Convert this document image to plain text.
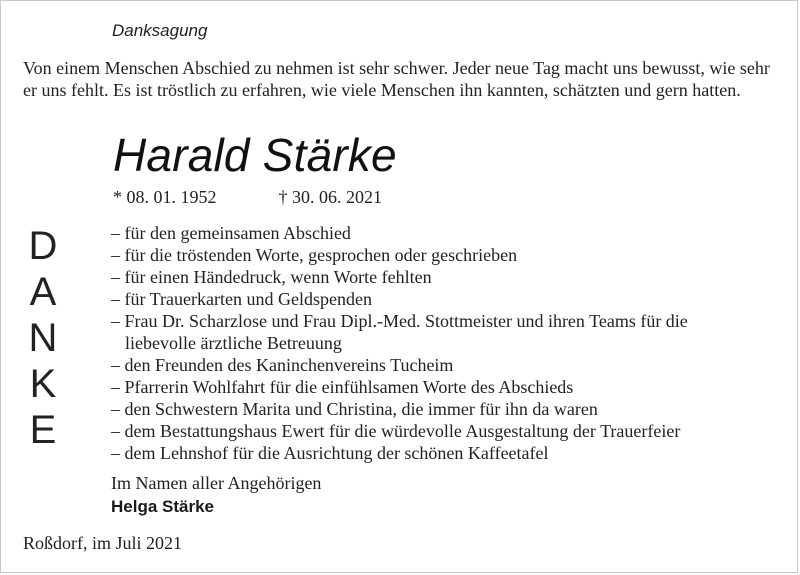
Danksagung
Von einem Menschen Abschied zu nehmen ist sehr schwer. Jeder neue Tag macht uns bewusst, wie sehr er uns fehlt. Es ist tröstlich zu erfahren, wie viele Menschen ihn kannten, schätzten und gern hatten.
Harald Stärke
* 08. 01. 1952	† 30. 06. 2021
D
A
N
K
E
– für den gemeinsamen Abschied
– für die tröstenden Worte, gesprochen oder geschrieben
– für einen Händedruck, wenn Worte fehlten
– für Trauerkarten und Geldspenden
– Frau Dr. Scharzlose und Frau Dipl.-Med. Stottmeister und ihren Teams für die liebevolle ärztliche Betreuung
– den Freunden des Kaninchenvereins Tucheim
– Pfarrerin Wohlfahrt für die einfühlsamen Worte des Abschieds
– den Schwestern Marita und Christina, die immer für ihn da waren
– dem Bestattungshaus Ewert für die würdevolle Ausgestaltung der Trauerfeier
– dem Lehnshof für die Ausrichtung der schönen Kaffeetafel
Im Namen aller Angehörigen
Helga Stärke
Roßdorf, im Juli 2021
